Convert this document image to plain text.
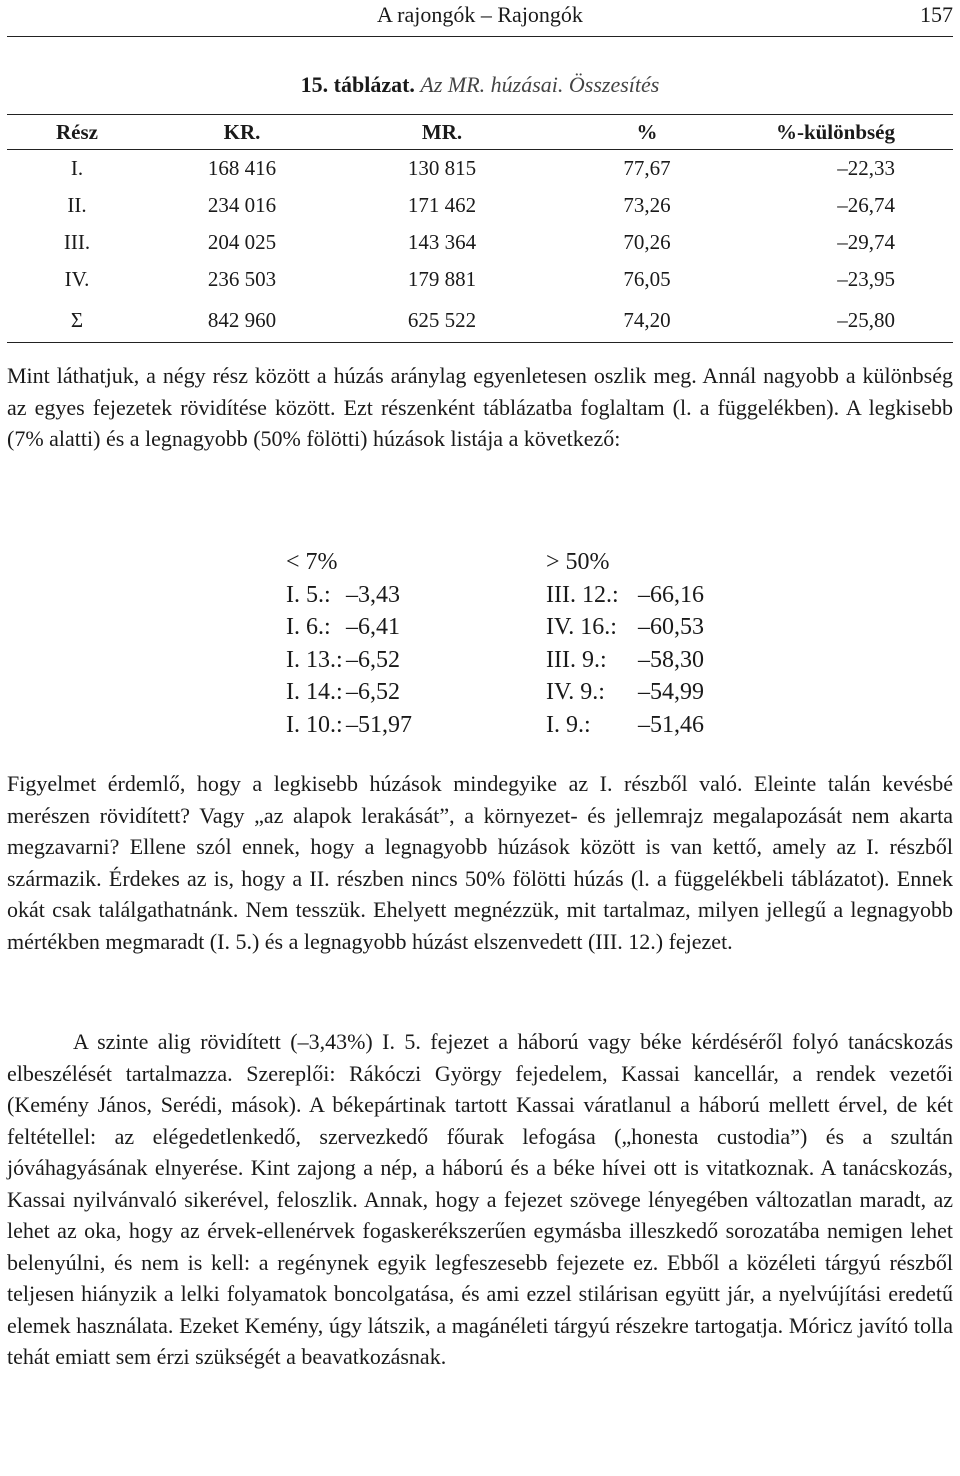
A rajongók – Rajongók	157
15. táblázat. Az MR. húzásai. Összesítés
Rész	KR.	MR.	%	%-különbség
I.	168 416	130 815	77,67	–22,33
II.	234 016	171 462	73,26	–26,74
III.	204 025	143 364	70,26	–29,74
IV.	236 503	179 881	76,05	–23,95
Σ	842 960	625 522	74,20	–25,80

Mint láthatjuk, a négy rész között a húzás aránylag egyenletesen oszlik meg. Annál nagyobb a különbség az egyes fejezetek rövidítése között. Ezt részenként táblázatba foglaltam (l. a függelékben). A legkisebb (7% alatti) és a legnagyobb (50% fölötti) húzások listája a következő:

< 7%
I. 5.: –3,43
I. 6.: –6,41
I. 13.: –6,52
I. 14.: –6,52
I. 10.: –51,97
> 50%
III. 12.: –66,16
IV. 16.: –60,53
III. 9.: –58,30
IV. 9.: –54,99
I. 9.: –51,46

Figyelmet érdemlő, hogy a legkisebb húzások mindegyike az I. részből való. Eleinte talán kevésbé merészen rövidített? Vagy „az alapok lerakását”, a környezet- és jellemrajz megalapozását nem akarta megzavarni? Ellene szól ennek, hogy a legnagyobb húzások között is van kettő, amely az I. részből származik. Érdekes az is, hogy a II. részben nincs 50% fölötti húzás (l. a függelékbeli táblázatot). Ennek okát csak találgathatnánk. Nem tesszük. Ehelyett megnézzük, mit tartalmaz, milyen jellegű a legnagyobb mértékben megmaradt (I. 5.) és a legnagyobb húzást elszenvedett (III. 12.) fejezet.

A szinte alig rövidített (–3,43%) I. 5. fejezet a háború vagy béke kérdéséről folyó tanácskozás elbeszélését tartalmazza. Szereplői: Rákóczi György fejedelem, Kassai kancellár, a rendek vezetői (Kemény János, Serédi, mások). A békepártinak tartott Kassai váratlanul a háború mellett érvel, de két feltétellel: az elégedetlenkedő, szervezkedő főurak lefogása („honesta custodia”) és a szultán jóváhagyásának elnyerése. Kint zajong a nép, a háború és a béke hívei ott is vitatkoznak. A tanácskozás, Kassai nyilvánvaló sikerével, feloszlik. Annak, hogy a fejezet szövege lényegében változatlan maradt, az lehet az oka, hogy az érvek-ellenérvek fogaskerékszerűen egymásba illeszkedő sorozatába nemigen lehet belenyúlni, és nem is kell: a regénynek egyik legfeszesebb fejezete ez. Ebből a közéleti tárgyú részből teljesen hiányzik a lelki folyamatok boncolgatása, és ami ezzel stilárisan együtt jár, a nyelvújítási eredetű elemek használata. Ezeket Kemény, úgy látszik, a magánéleti tárgyú részekre tartogatja. Móricz javító tolla tehát emiatt sem érzi szükségét a beavatkozásnak.
